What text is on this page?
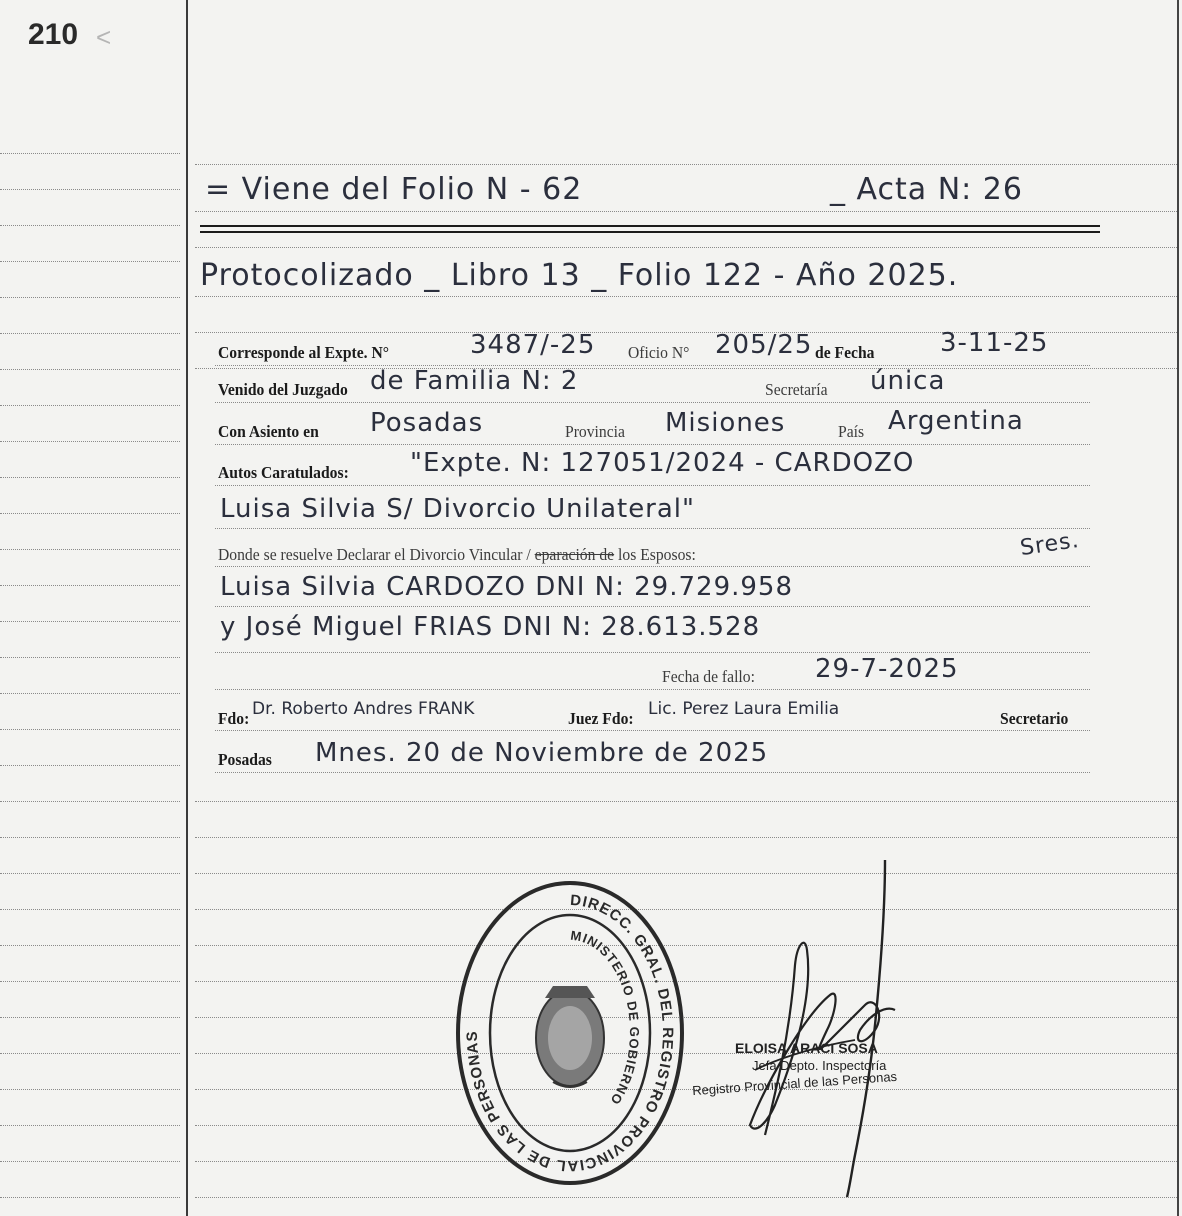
210 <
= Viene del Folio N - 62	_ Acta N: 26
Protocolizado _ Libro 13 _ Folio 122 - Año 2025.
Corresponde al Expte. N°	3487/-25 Oficio N° 205/25 de Fecha	3-11-25
Venido del Juzgado de Familia N: 2	Secretaría única
Con Asiento en Posadas	Provincia Misiones	País Argentina
Autos Caratulados: "Expte. N: 127051/2024 - CARDOZO
Luisa Silvia S/ Divorcio Unilateral"
Donde se resuelve Declarar el Divorcio Vincular / eparación de los Esposos:	Sres.
Luisa Silvia CARDOZO DNI N: 29.729.958
y José Miguel FRIAS DNI N: 28.613.528
Fecha de fallo: 29-7-2025
Fdo: Dr. Roberto Andres FRANK	Juez Fdo: Lic. Perez Laura Emilia	Secretario
Posadas Mnes. 20 de Noviembre de 2025
DIRECC. GRAL. DEL REGISTRO PROVINCIAL DE LAS PERSONAS
MINISTERIO DE GOBIERNO
ELOISA ARACI SOSA
Jefa Depto. Inspectoría
Registro Provincial de las Personas
